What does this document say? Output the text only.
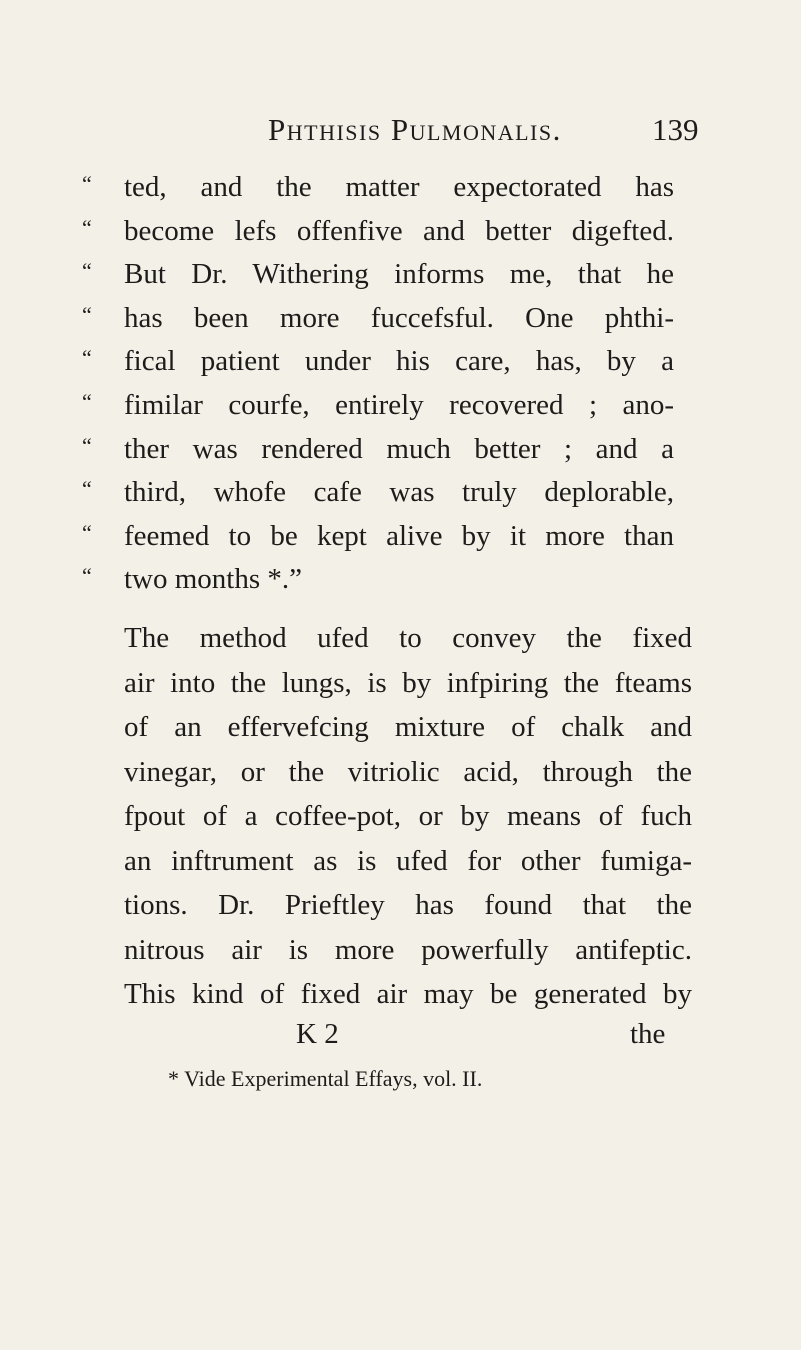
Phthisis Pulmonalis.	139
“ ted, and the matter expectorated has
“ become lefs offenfive and better digefted.
“ But Dr. Withering informs me, that he
“ has been more fuccefsful. One phthi-
“ fical patient under his care, has, by a
“ fimilar courfe, entirely recovered ; ano-
“ ther was rendered much better ; and a
“ third, whofe cafe was truly deplorable,
“ feemed to be kept alive by it more than
“ two months *.”
The method ufed to convey the fixed
air into the lungs, is by infpiring the fteams
of an effervefcing mixture of chalk and
vinegar, or the vitriolic acid, through the
fpout of a coffee-pot, or by means of fuch
an inftrument as is ufed for other fumiga-
tions. Dr. Prieftley has found that the
nitrous air is more powerfully antifeptic.
This kind of fixed air may be generated by
K 2	the
* Vide Experimental Effays, vol. II.
